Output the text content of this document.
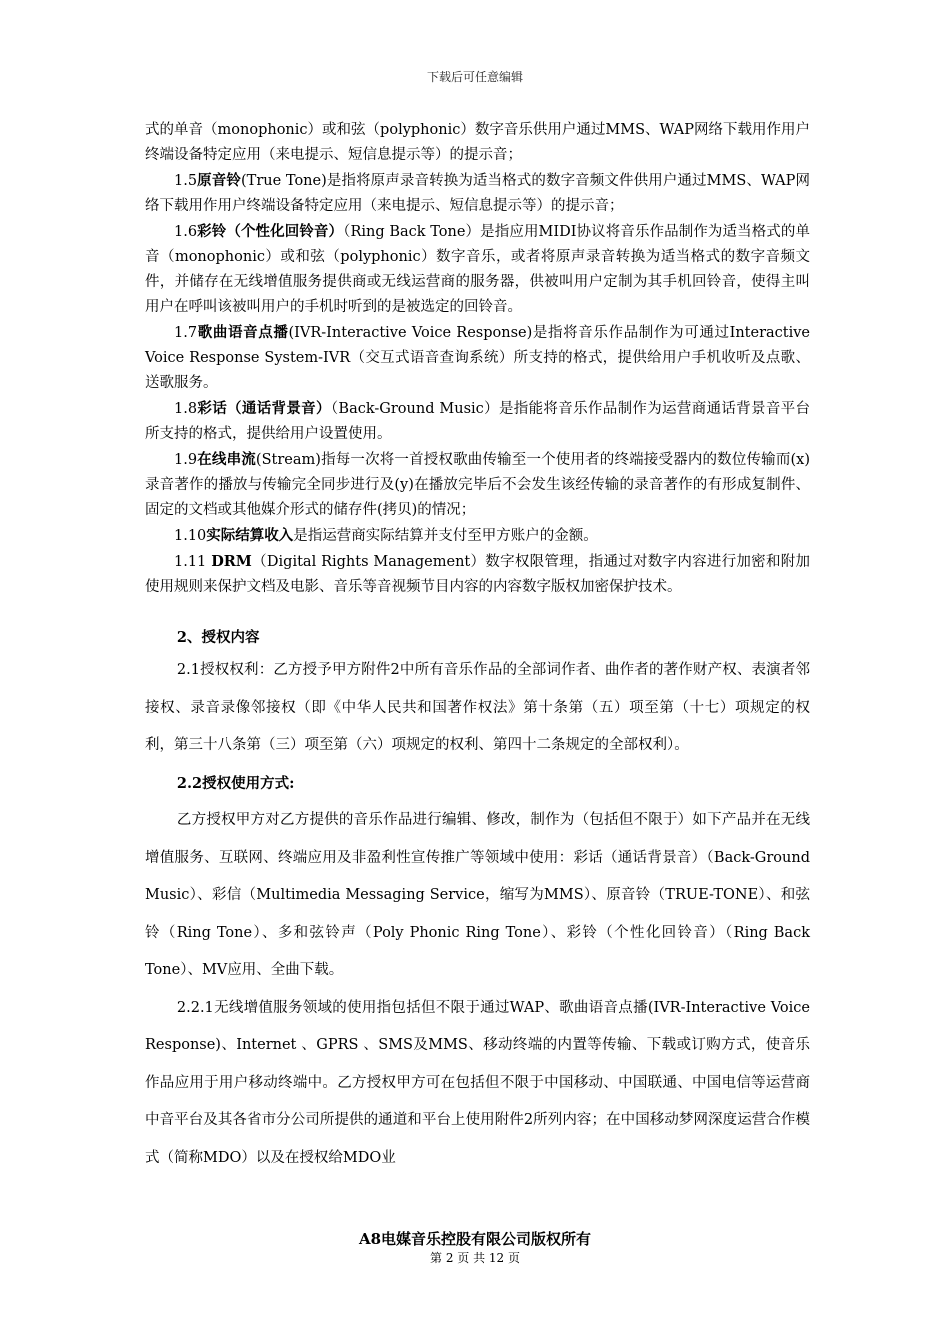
下载后可任意编辑

式的单音（monophonic）或和弦（polyphonic）数字音乐供用户通过MMS、WAP网络下载用作用户终端设备特定应用（来电提示、短信息提示等）的提示音；

1.5原音铃(True Tone)是指将原声录音转换为适当格式的数字音频文件供用户通过MMS、WAP网络下载用作用户终端设备特定应用（来电提示、短信息提示等）的提示音；

1.6彩铃（个性化回铃音）（Ring Back Tone）是指应用MIDI协议将音乐作品制作为适当格式的单音（monophonic）或和弦（polyphonic）数字音乐，或者将原声录音转换为适当格式的数字音频文件，并储存在无线增值服务提供商或无线运营商的服务器，供被叫用户定制为其手机回铃音，使得主叫用户在呼叫该被叫用户的手机时听到的是被选定的回铃音。

1.7歌曲语音点播(IVR-Interactive Voice Response)是指将音乐作品制作为可通过Interactive Voice Response System-IVR（交互式语音查询系统）所支持的格式，提供给用户手机收听及点歌、送歌服务。

1.8彩话（通话背景音）（Back-Ground Music）是指能将音乐作品制作为运营商通话背景音平台所支持的格式，提供给用户设置使用。

1.9在线串流(Stream)指每一次将一首授权歌曲传输至一个使用者的终端接受器内的数位传输而(x)录音著作的播放与传输完全同步进行及(y)在播放完毕后不会发生该经传输的录音著作的有形成复制件、固定的文档或其他媒介形式的储存件(拷贝)的情况；

1.10实际结算收入是指运营商实际结算并支付至甲方账户的金额。

1.11 DRM（Digital Rights Management）数字权限管理，指通过对数字内容进行加密和附加使用规则来保护文档及电影、音乐等音视频节目内容的内容数字版权加密保护技术。

2、授权内容

2.1授权权利：乙方授予甲方附件2中所有音乐作品的全部词作者、曲作者的著作财产权、表演者邻接权、录音录像邻接权（即《中华人民共和国著作权法》第十条第（五）项至第（十七）项规定的权利，第三十八条第（三）项至第（六）项规定的权利、第四十二条规定的全部权利）。

2.2授权使用方式:

乙方授权甲方对乙方提供的音乐作品进行编辑、修改，制作为（包括但不限于）如下产品并在无线增值服务、互联网、终端应用及非盈利性宣传推广等领域中使用：彩话（通话背景音）（Back-Ground Music）、彩信（Multimedia Messaging Service，缩写为MMS）、原音铃（TRUE-TONE）、和弦铃（Ring Tone）、多和弦铃声（Poly Phonic Ring Tone）、彩铃（个性化回铃音）（Ring Back Tone）、MV应用、全曲下载。

2.2.1无线增值服务领域的使用指包括但不限于通过WAP、歌曲语音点播(IVR-Interactive Voice Response)、Internet 、GPRS 、SMS及MMS、移动终端的内置等传输、下载或订购方式，使音乐作品应用于用户移动终端中。乙方授权甲方可在包括但不限于中国移动、中国联通、中国电信等运营商中音平台及其各省市分公司所提供的通道和平台上使用附件2所列内容；在中国移动梦网深度运营合作模式（简称MDO）以及在授权给MDO业

A8电媒音乐控股有限公司版权所有
第 2 页 共 12 页
